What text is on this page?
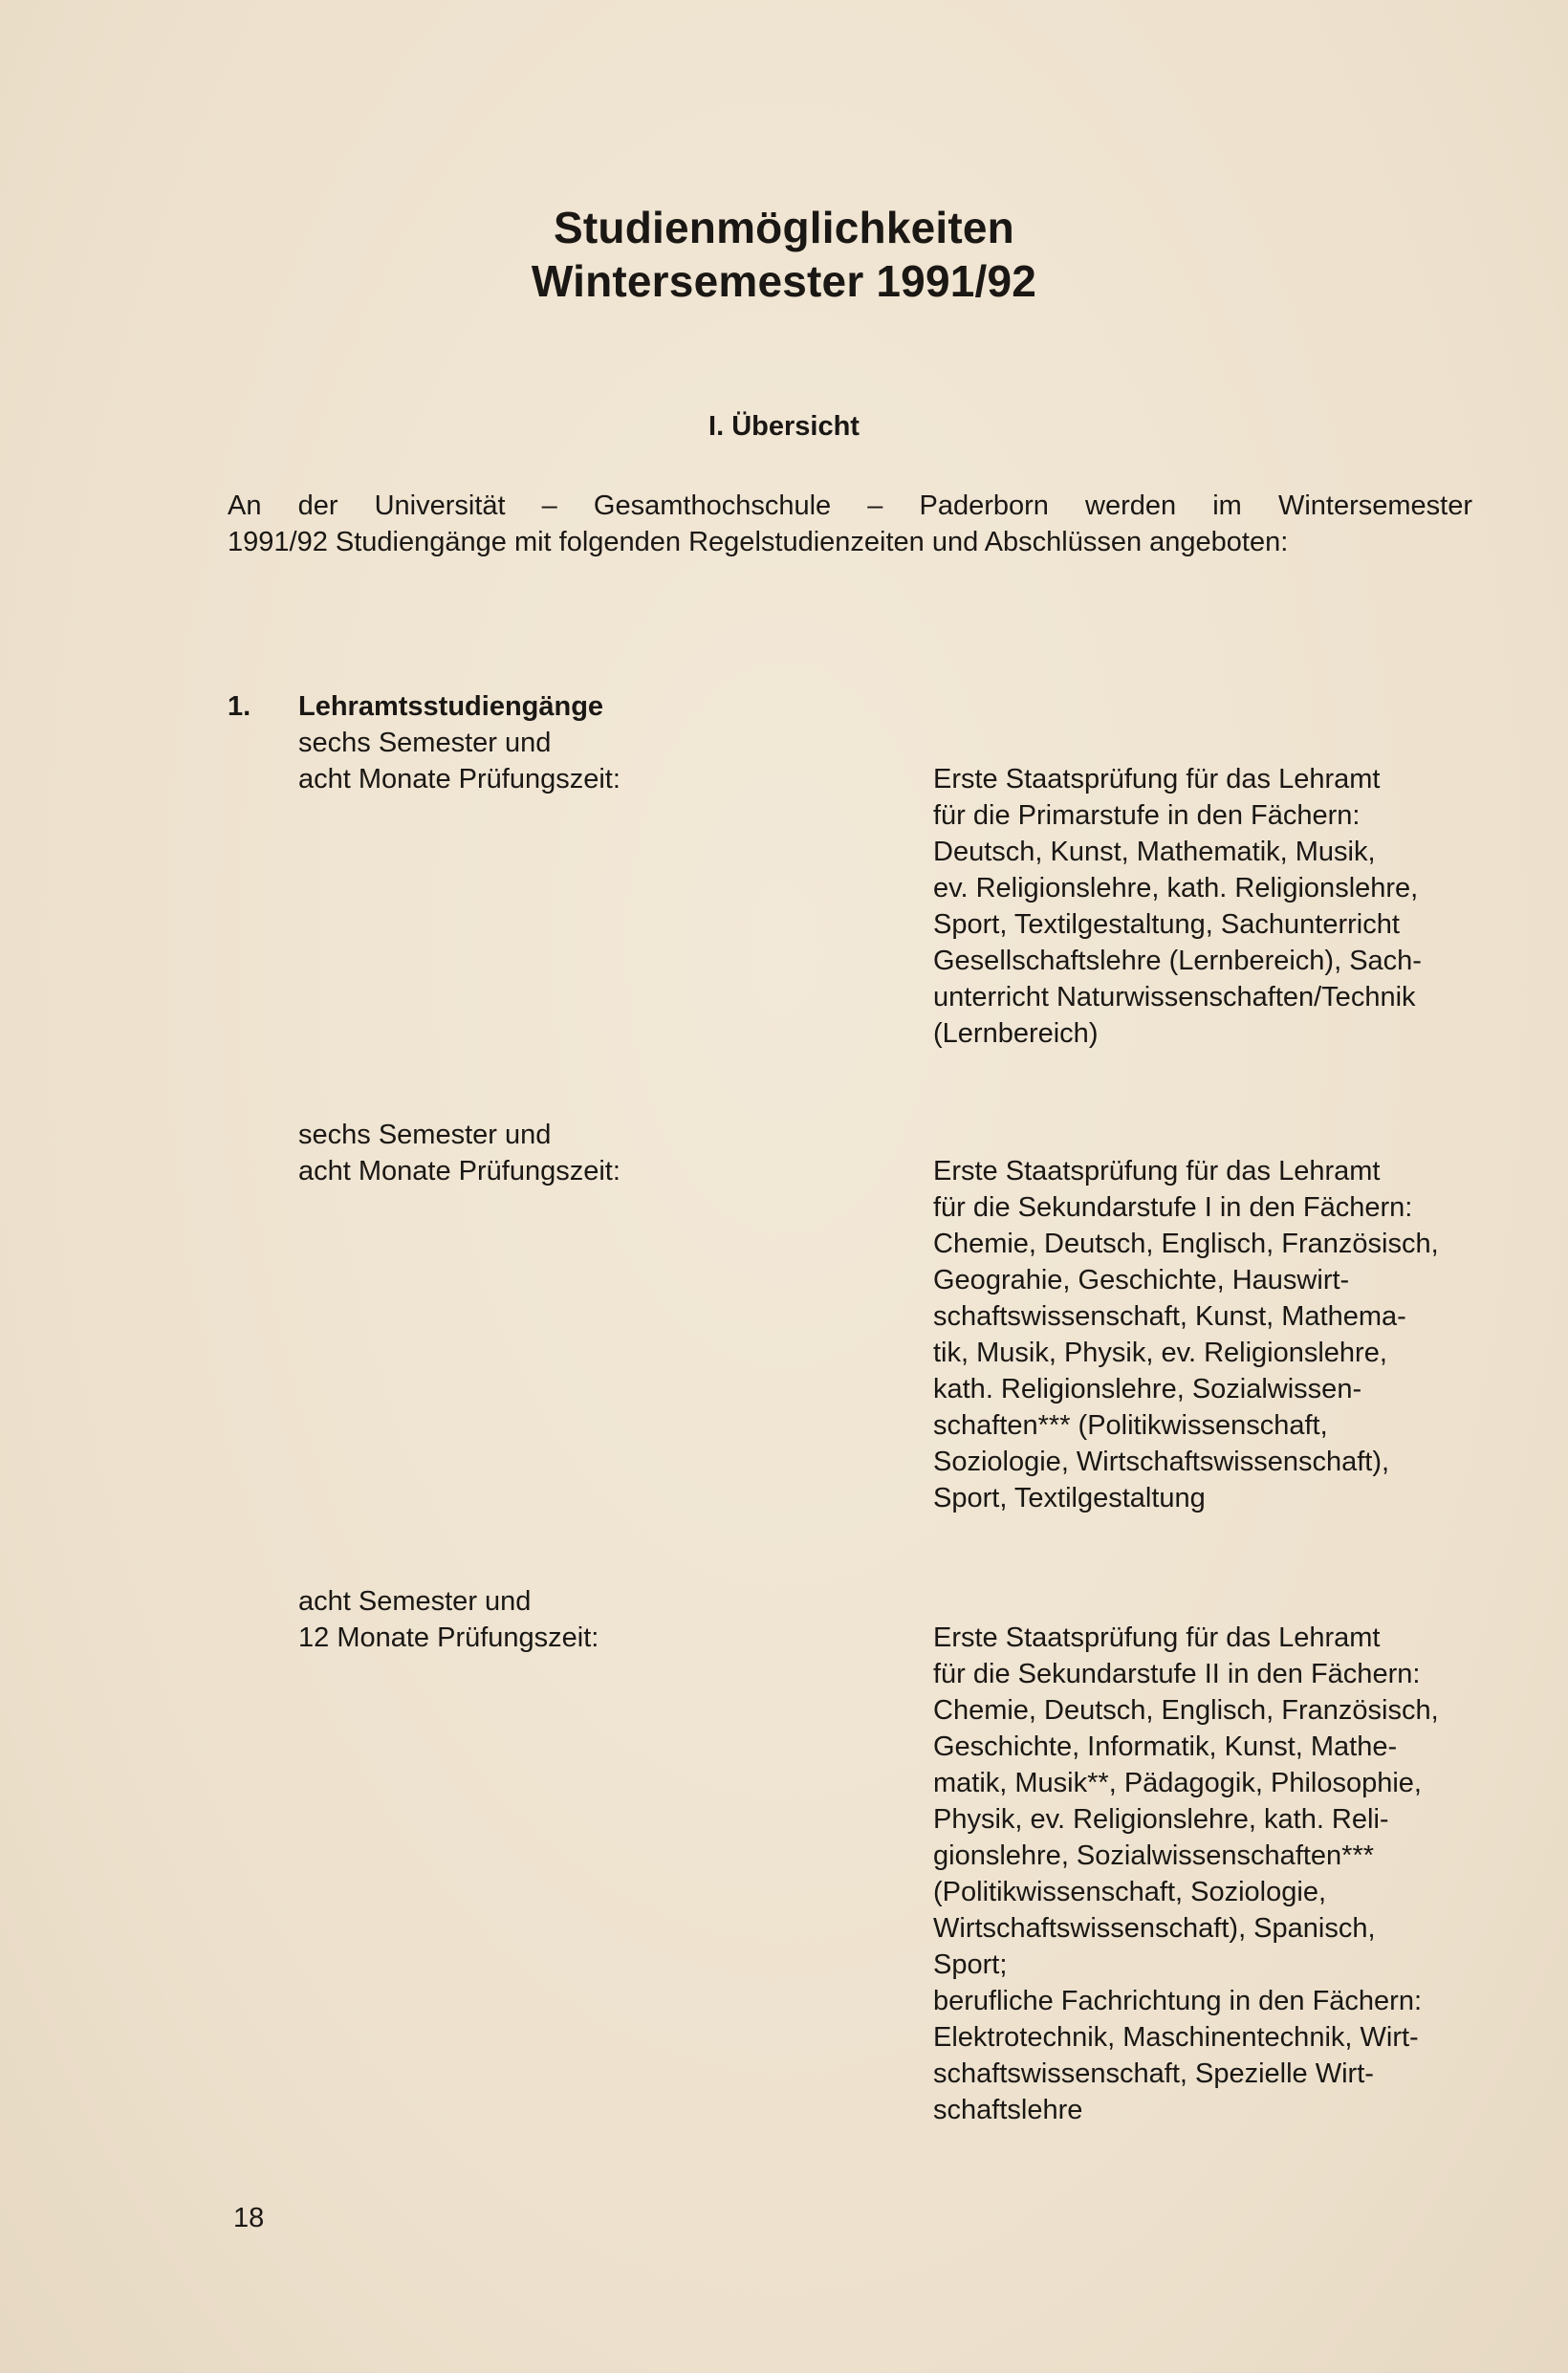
Studienmöglichkeiten
Wintersemester 1991/92
I. Übersicht
An der Universität – Gesamthochschule – Paderborn werden im Wintersemester
1991/92 Studiengänge mit folgenden Regelstudienzeiten und Abschlüssen angeboten:
1. Lehramtsstudiengänge
sechs Semester und
acht Monate Prüfungszeit:	Erste Staatsprüfung für das Lehramt
für die Primarstufe in den Fächern:
Deutsch, Kunst, Mathematik, Musik,
ev. Religionslehre, kath. Religionslehre,
Sport, Textilgestaltung, Sachunterricht
Gesellschaftslehre (Lernbereich), Sach-
unterricht Naturwissenschaften/Technik
(Lernbereich)
sechs Semester und
acht Monate Prüfungszeit:	Erste Staatsprüfung für das Lehramt
für die Sekundarstufe I in den Fächern:
Chemie, Deutsch, Englisch, Französisch,
Geograhie, Geschichte, Hauswirt-
schaftswissenschaft, Kunst, Mathema-
tik, Musik, Physik, ev. Religionslehre,
kath. Religionslehre, Sozialwissen-
schaften*** (Politikwissenschaft,
Soziologie, Wirtschaftswissenschaft),
Sport, Textilgestaltung
acht Semester und
12 Monate Prüfungszeit:	Erste Staatsprüfung für das Lehramt
für die Sekundarstufe II in den Fächern:
Chemie, Deutsch, Englisch, Französisch,
Geschichte, Informatik, Kunst, Mathe-
matik, Musik**, Pädagogik, Philosophie,
Physik, ev. Religionslehre, kath. Reli-
gionslehre, Sozialwissenschaften***
(Politikwissenschaft, Soziologie,
Wirtschaftswissenschaft), Spanisch,
Sport;
berufliche Fachrichtung in den Fächern:
Elektrotechnik, Maschinentechnik, Wirt-
schaftswissenschaft, Spezielle Wirt-
schaftslehre
18
